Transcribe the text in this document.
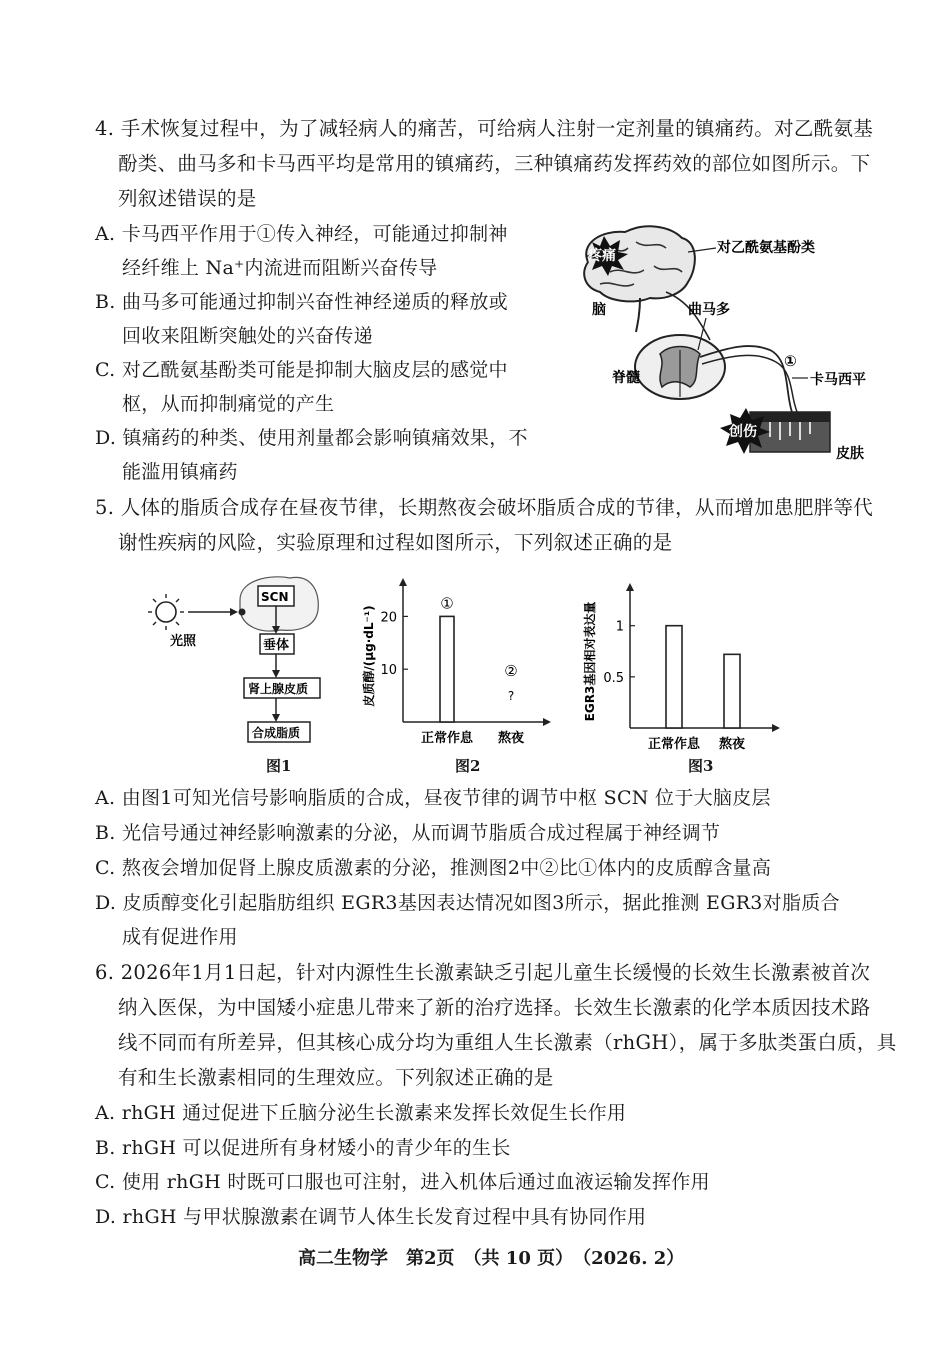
4. 手术恢复过程中，为了减轻病人的痛苦，可给病人注射一定剂量的镇痛药。对乙酰氨基
酚类、曲马多和卡马西平均是常用的镇痛药，三种镇痛药发挥药效的部位如图所示。下
列叙述错误的是
A. 卡马西平作用于①传入神经，可能通过抑制神
经纤维上 Na⁺内流进而阻断兴奋传导
B. 曲马多可能通过抑制兴奋性神经递质的释放或
回收来阻断突触处的兴奋传递
C. 对乙酰氨基酚类可能是抑制大脑皮层的感觉中
枢，从而抑制痛觉的产生
D. 镇痛药的种类、使用剂量都会影响镇痛效果，不
能滥用镇痛药
疼痛
脑
对乙酰氨基酚类
脊髓
曲马多
①
卡马西平
创伤
皮肤
5. 人体的脂质合成存在昼夜节律，长期熬夜会破坏脂质合成的节律，从而增加患肥胖等代
谢性疾病的风险，实验原理和过程如图所示，下列叙述正确的是
光照
SCN
垂体
肾上腺皮质
合成脂质
图1
10
20
皮质醇/(μg·dL⁻¹)
正常作息
①
熬夜
②
?
图2
0.5
1
EGR3基因相对表达量
正常作息 熬夜
图3
A. 由图1可知光信号影响脂质的合成，昼夜节律的调节中枢 SCN 位于大脑皮层
B. 光信号通过神经影响激素的分泌，从而调节脂质合成过程属于神经调节
C. 熬夜会增加促肾上腺皮质激素的分泌，推测图2中②比①体内的皮质醇含量高
D. 皮质醇变化引起脂肪组织 EGR3基因表达情况如图3所示，据此推测 EGR3对脂质合
成有促进作用
6. 2026年1月1日起，针对内源性生长激素缺乏引起儿童生长缓慢的长效生长激素被首次
纳入医保，为中国矮小症患儿带来了新的治疗选择。长效生长激素的化学本质因技术路
线不同而有所差异，但其核心成分均为重组人生长激素（rhGH），属于多肽类蛋白质，具
有和生长激素相同的生理效应。下列叙述正确的是
A. rhGH 通过促进下丘脑分泌生长激素来发挥长效促生长作用
B. rhGH 可以促进所有身材矮小的青少年的生长
C. 使用 rhGH 时既可口服也可注射，进入机体后通过血液运输发挥作用
D. rhGH 与甲状腺激素在调节人体生长发育过程中具有协同作用
高二生物学　第2页　（共 10 页）　（2026. 2）
